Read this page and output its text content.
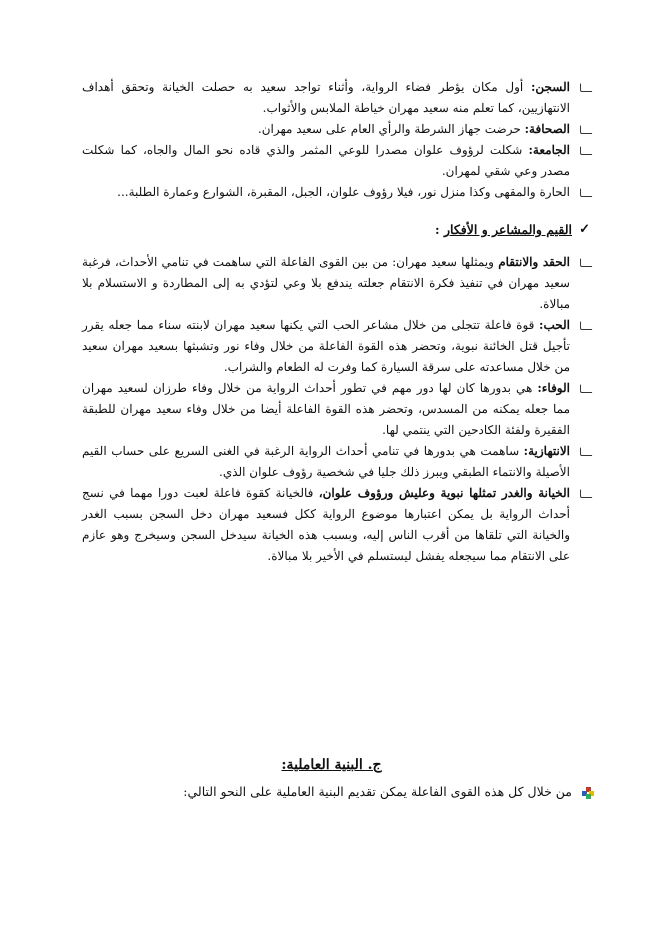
ـــا
السجن: أول مكان يؤطر فضاء الرواية، وأثناء تواجد سعيد به حصلت الخيانة وتحقق أهداف الانتهازيين، كما تعلم منه سعيد مهران خياطة الملابس والأثواب.

ـــا
الصحافة: حرضت جهاز الشرطة والرأي العام على سعيد مهران.

ـــا
الجامعة: شكلت لرؤوف علوان مصدرا للوعي المثمر والذي قاده نحو المال والجاه، كما شكلت مصدر وعي شقي لمهران.

ـــا
الحارة والمقهى وكذا منزل نور، فيلا رؤوف علوان، الجبل، المقبرة، الشوارع وعمارة الطلبة...

✓
القيم والمشاعر و الأفكار :

ـــا
الحقد والانتقام ويمثلها سعيد مهران: من بين القوى الفاعلة التي ساهمت في تنامي الأحداث، فرغبة سعيد مهران في تنفيذ فكرة الانتقام جعلته يندفع بلا وعي لتؤدي به إلى المطاردة و الاستسلام بلا مبالاة.

ـــا
الحب: قوة فاعلة تتجلى من خلال مشاعر الحب التي يكنها سعيد مهران لابنته سناء مما جعله يقرر تأجيل قتل الخائنة نبوية، وتحضر هذه القوة الفاعلة من خلال وفاء نور وتشبثها بسعيد مهران سعيد من خلال مساعدته على سرقة السيارة كما وفرت له الطعام والشراب.

ـــا
الوفاء: هي بدورها كان لها دور مهم في تطور أحداث الرواية من خلال وفاء طرزان لسعيد مهران مما جعله يمكنه من المسدس، وتحضر هذه القوة الفاعلة أيضا من خلال وفاء سعيد مهران للطبقة الفقيرة ولفئة الكادحين التي ينتمي لها.

ـــا
الانتهازية: ساهمت هي بدورها في تنامي أحداث الرواية الرغبة في الغنى السريع على حساب القيم الأصيلة والانتماء الطبقي ويبرز ذلك جليا في شخصية رؤوف علوان الذي.

ـــا
الخيانة والغدر تمثلها نبوية وعليش ورؤوف علوان، فالخيانة كقوة فاعلة لعبت دورا مهما في نسج أحداث الرواية بل يمكن اعتبارها موضوع الرواية ككل فسعيد مهران دخل السجن بسبب الغدر والخيانة التي تلقاها من أقرب الناس إليه، وبسبب هذه الخيانة سيدخل السجن وسيخرج وهو عازم على الانتقام مما سيجعله يفشل ليستسلم في الأخير بلا مبالاة.

ج. البنية العاملية:
من خلال كل هذه القوى الفاعلة يمكن تقديم البنية العاملية على النحو التالي:
